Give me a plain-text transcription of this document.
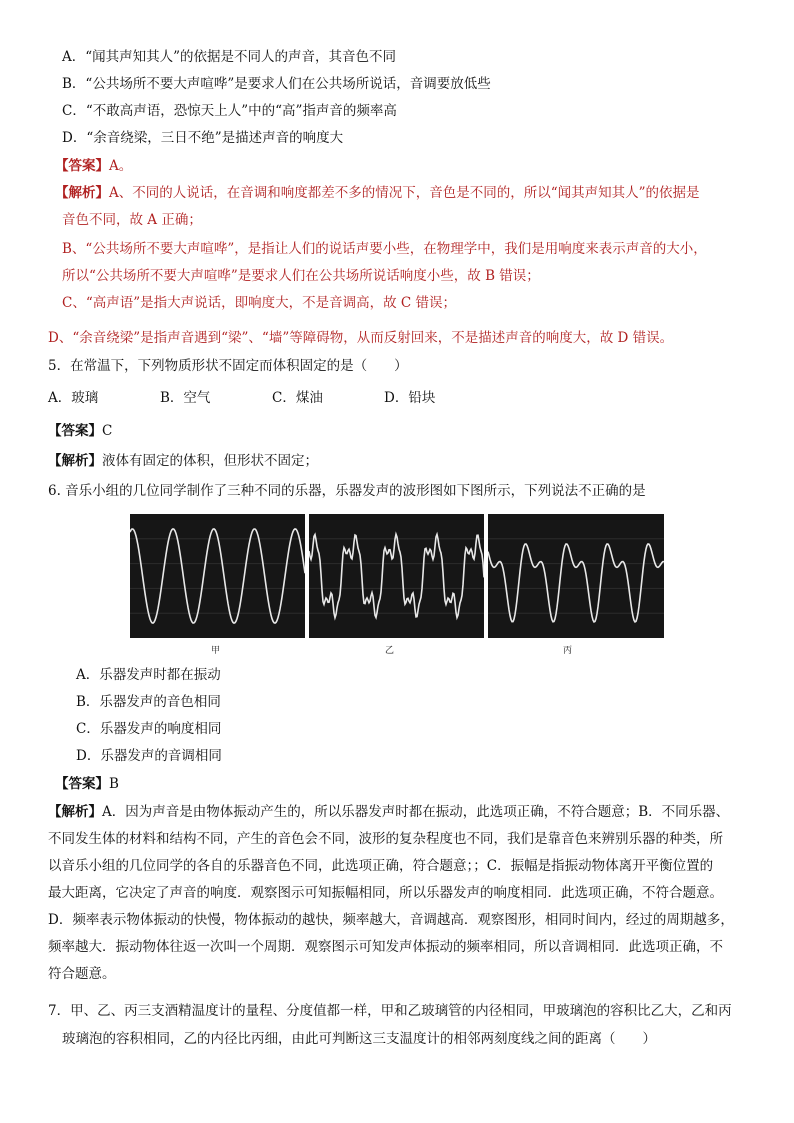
A．“闻其声知其人”的依据是不同人的声音，其音色不同
B．“公共场所不要大声喧哗”是要求人们在公共场所说话，音调要放低些
C．“不敢高声语，恐惊天上人”中的“高”指声音的频率高
D．“余音绕梁，三日不绝”是描述声音的响度大
【答案】A。
【解析】A、不同的人说话，在音调和响度都差不多的情况下，音色是不同的，所以“闻其声知其人”的依据是
音色不同，故 A 正确；
B、“公共场所不要大声喧哗”，是指让人们的说话声要小些，在物理学中，我们是用响度来表示声音的大小，
所以“公共场所不要大声喧哗”是要求人们在公共场所说话响度小些，故 B 错误；
C、“高声语”是指大声说话，即响度大，不是音调高，故 C 错误；
D、“余音绕梁”是指声音遇到“梁”、“墙”等障碍物，从而反射回来，不是描述声音的响度大，故 D 错误。
5．在常温下，下列物质形状不固定而体积固定的是（　　）
A．玻璃	B．空气	C．煤油	D．铅块
【答案】C
【解析】液体有固定的体积，但形状不固定；
6. 音乐小组的几位同学制作了三种不同的乐器，乐器发声的波形图如下图所示，下列说法不正确的是
甲	乙	丙
A．乐器发声时都在振动
B．乐器发声的音色相同
C．乐器发声的响度相同
D．乐器发声的音调相同
【答案】B
【解析】A．因为声音是由物体振动产生的，所以乐器发声时都在振动，此选项正确，不符合题意；B．不同乐器、
不同发生体的材料和结构不同，产生的音色会不同，波形的复杂程度也不同，我们是靠音色来辨别乐器的种类，所
以音乐小组的几位同学的各自的乐器音色不同，此选项正确，符合题意；；C．振幅是指振动物体离开平衡位置的
最大距离，它决定了声音的响度．观察图示可知振幅相同，所以乐器发声的响度相同．此选项正确，不符合题意。
D．频率表示物体振动的快慢，物体振动的越快，频率越大，音调越高．观察图形，相同时间内，经过的周期越多，
频率越大．振动物体往返一次叫一个周期．观察图示可知发声体振动的频率相同，所以音调相同．此选项正确，不
符合题意。
7．甲、乙、丙三支酒精温度计的量程、分度值都一样，甲和乙玻璃管的内径相同，甲玻璃泡的容积比乙大，乙和丙
玻璃泡的容积相同，乙的内径比丙细，由此可判断这三支温度计的相邻两刻度线之间的距离（　　）
